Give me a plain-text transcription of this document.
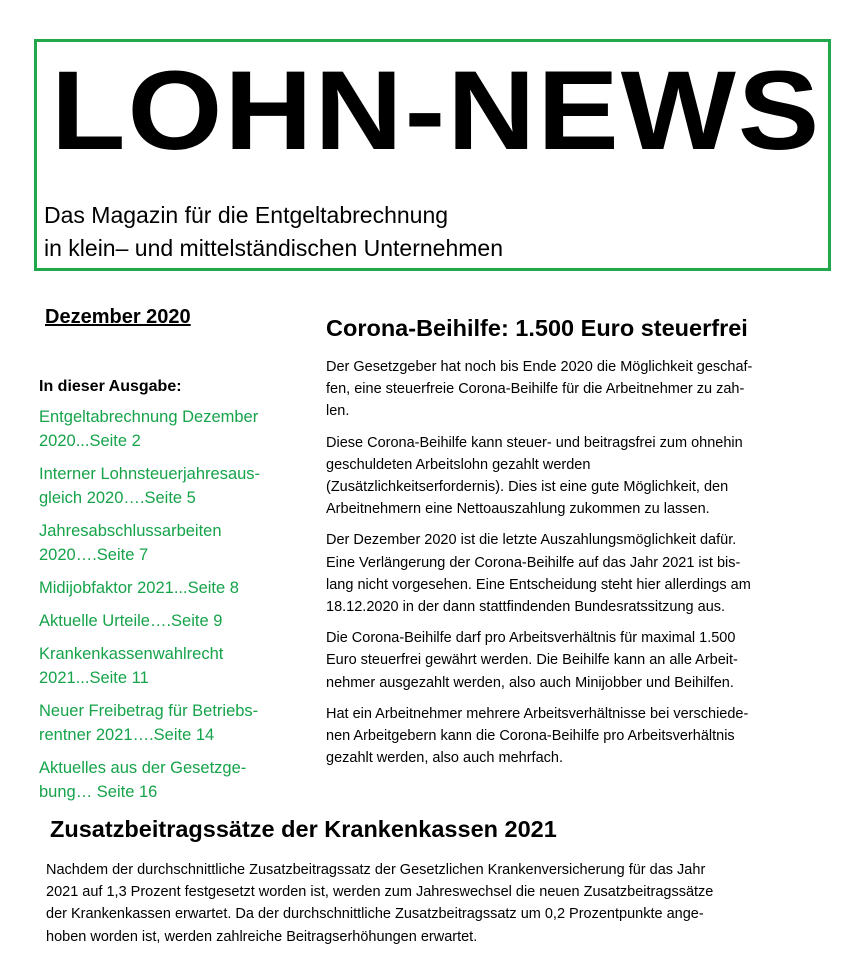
LOHN-NEWS

Das Magazin für die Entgeltabrechnung
in klein– und mittelständischen Unternehmen

Dezember 2020

In dieser Ausgabe:

Entgeltabrechnung Dezember
2020...Seite 2
Interner Lohnsteuerjahresaus-
gleich 2020….Seite 5
Jahresabschlussarbeiten
2020….Seite 7
Midijobfaktor 2021...Seite 8
Aktuelle Urteile….Seite 9
Krankenkassenwahlrecht
2021...Seite 11
Neuer Freibetrag für Betriebs-
rentner 2021….Seite 14
Aktuelles aus der Gesetzge-
bung… Seite 16
Corona-Beihilfe: 1.500 Euro steuerfrei

Der Gesetzgeber hat noch bis Ende 2020 die Möglichkeit geschaf-
fen, eine steuerfreie Corona-Beihilfe für die Arbeitnehmer zu zah-
len.

Diese Corona-Beihilfe kann steuer- und beitragsfrei zum ohnehin
geschuldeten Arbeitslohn gezahlt werden
(Zusätzlichkeitserfordernis). Dies ist eine gute Möglichkeit, den
Arbeitnehmern eine Nettoauszahlung zukommen zu lassen.

Der Dezember 2020 ist die letzte Auszahlungsmöglichkeit dafür.
Eine Verlängerung der Corona-Beihilfe auf das Jahr 2021 ist bis-
lang nicht vorgesehen. Eine Entscheidung steht hier allerdings am
18.12.2020 in der dann stattfindenden Bundesratssitzung aus.

Die Corona-Beihilfe darf pro Arbeitsverhältnis für maximal 1.500
Euro steuerfrei gewährt werden. Die Beihilfe kann an alle Arbeit-
nehmer ausgezahlt werden, also auch Minijobber und Beihilfen.

Hat ein Arbeitnehmer mehrere Arbeitsverhältnisse bei verschiede-
nen Arbeitgebern kann die Corona-Beihilfe pro Arbeitsverhältnis
gezahlt werden, also auch mehrfach.

Zusatzbeitragssätze der Krankenkassen 2021

Nachdem der durchschnittliche Zusatzbeitragssatz der Gesetzlichen Krankenversicherung für das Jahr
2021 auf 1,3 Prozent festgesetzt worden ist, werden zum Jahreswechsel die neuen Zusatzbeitragssätze
der Krankenkassen erwartet. Da der durchschnittliche Zusatzbeitragssatz um 0,2 Prozentpunkte ange-
hoben worden ist, werden zahlreiche Beitragserhöhungen erwartet.
